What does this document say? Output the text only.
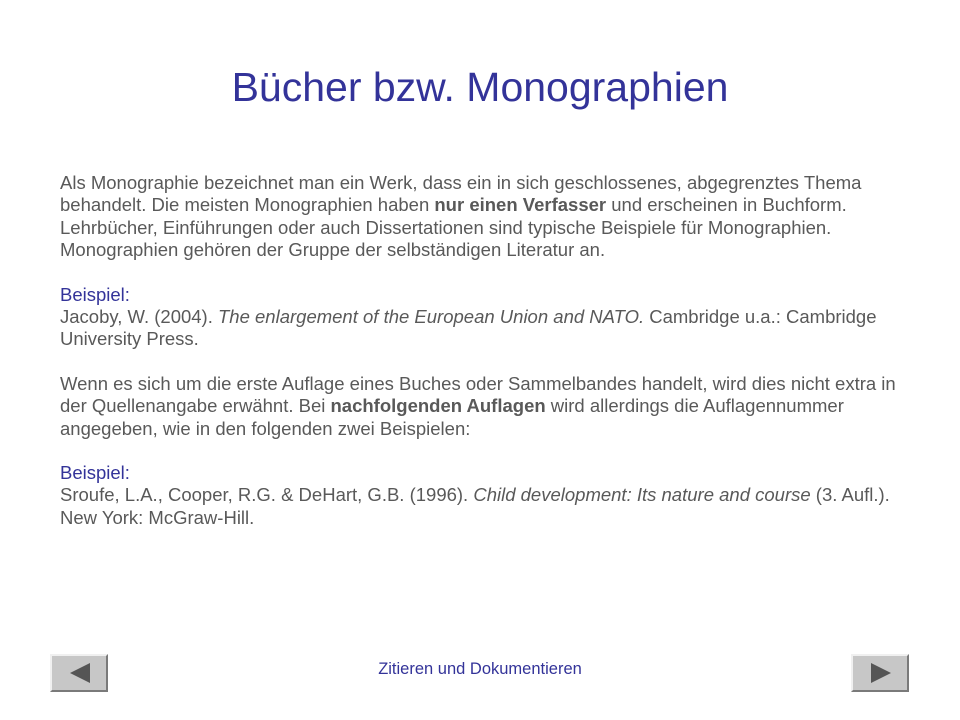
Bücher bzw. Monographien

Als Monographie bezeichnet man ein Werk, dass ein in sich geschlossenes, abgegrenztes Thema behandelt. Die meisten Monographien haben nur einen Verfasser und erscheinen in Buchform. Lehrbücher, Einführungen oder auch Dissertationen sind typische Beispiele für Monographien. Monographien gehören der Gruppe der selbständigen Literatur an.

Beispiel:
Jacoby, W. (2004). The enlargement of the European Union and NATO. Cambridge u.a.: Cambridge University Press.

Wenn es sich um die erste Auflage eines Buches oder Sammelbandes handelt, wird dies nicht extra in der Quellenangabe erwähnt. Bei nachfolgenden Auflagen wird allerdings die Auflagennummer angegeben, wie in den folgenden zwei Beispielen:

Beispiel:
Sroufe, L.A., Cooper, R.G. & DeHart, G.B. (1996). Child development: Its nature and course (3. Aufl.). New York: McGraw-Hill.

Zitieren und Dokumentieren
